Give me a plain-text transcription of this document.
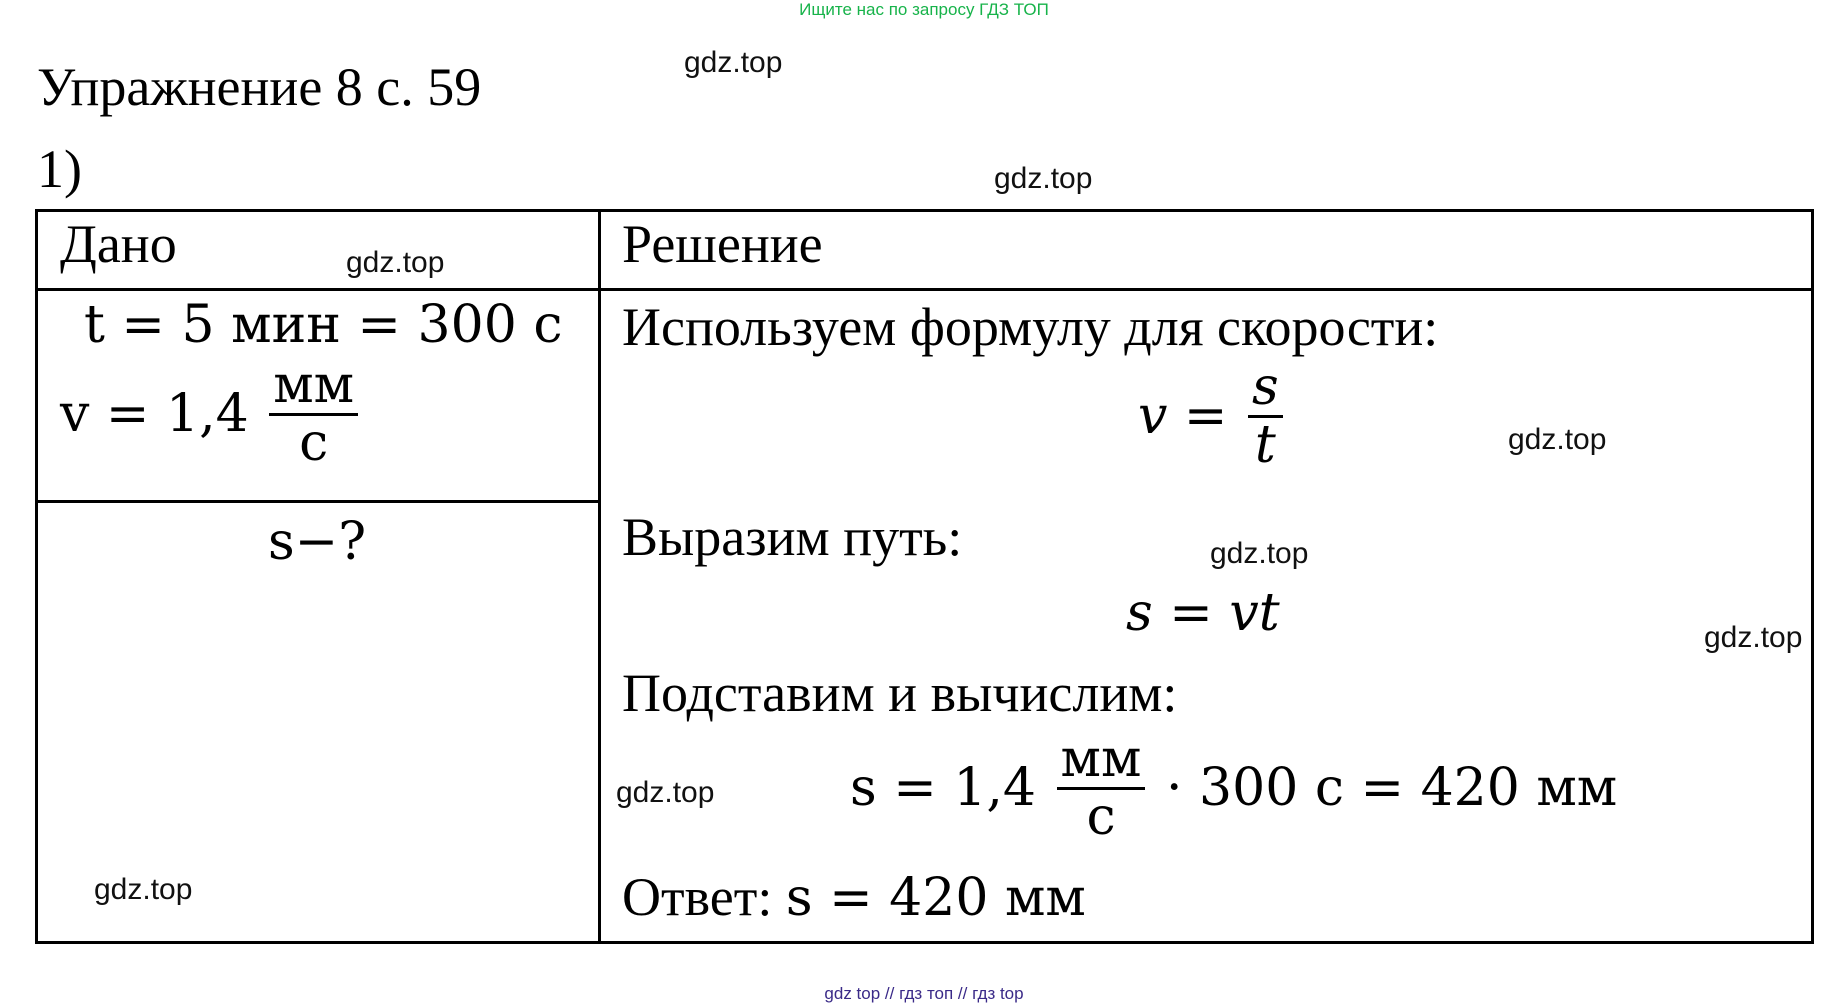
Ищите нас по запросу ГДЗ ТОП
Упражнение 8 с. 59
1)
Дано	Решение
t = 5 мин = 300 с
$v = 1,4 \frac{мм}{с}$
s−?
Используем формулу для скорости:
$v = \frac{s}{t}$
Выразим путь:
s = vt
Подставим и вычислим:
$s = 1,4 \frac{мм}{с} \cdot 300$ с = 420 мм
Ответ: s = 420 мм
gdz.top
gdz.top
gdz.top
gdz.top
gdz.top
gdz.top
gdz.top
gdz.top
gdz top // гдз топ // гдз top
